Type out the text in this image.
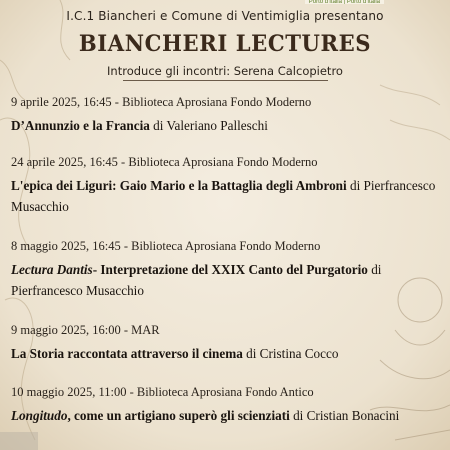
Porto d'Italia | Porto d'Italia
I.C.1 Biancheri e Comune di Ventimiglia presentano
BIANCHERI LECTURES
Introduce gli incontri: Serena Calcopietro
9 aprile 2025, 16:45 - Biblioteca Aprosiana Fondo Moderno
D’Annunzio e la Francia di Valeriano Palleschi
24 aprile 2025, 16:45 - Biblioteca Aprosiana Fondo Moderno
L'epica dei Liguri: Gaio Mario e la Battaglia degli Ambroni di Pierfrancesco Musacchio
8 maggio 2025, 16:45 - Biblioteca Aprosiana Fondo Moderno
Lectura Dantis- Interpretazione del XXIX Canto del Purgatorio di Pierfrancesco Musacchio
9 maggio 2025, 16:00 - MAR
La Storia raccontata attraverso il cinema di Cristina Cocco
10 maggio 2025, 11:00 - Biblioteca Aprosiana Fondo Antico
Longitudo, come un artigiano superò gli scienziati di Cristian Bonacini
